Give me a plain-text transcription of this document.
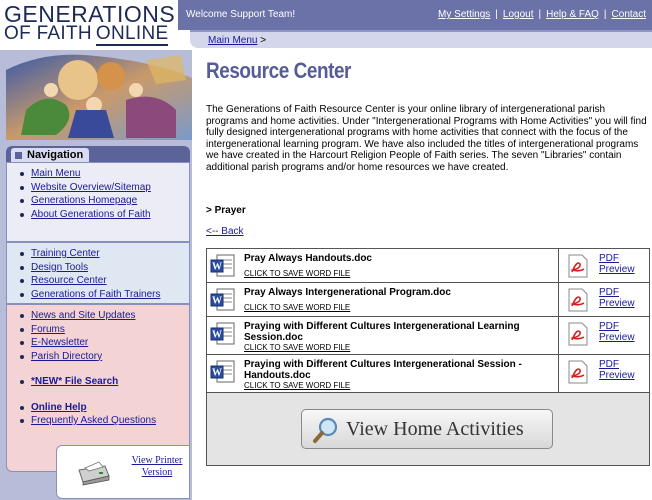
GENERATIONS
OF FAITH ONLINE
Welcome Support Team!	My Settings | Logout | Help & FAQ | Contact
Main Menu >
Navigation
Main Menu
Website Overview/Sitemap
Generations Homepage
About Generations of Faith
Training Center
Design Tools
Resource Center
Generations of Faith Trainers
News and Site Updates
Forums
E-Newsletter
Parish Directory
*NEW* File Search
Online Help
Frequently Asked Questions
View Printer Version
Resource Center
The Generations of Faith Resource Center is your online library of intergenerational parish programs and home activities. Under "Intergenerational Programs with Home Activities" you will find fully designed intergenerational programs with home activities that connect with the focus of the intergenerational learning program. We have also included the titles of intergenerational programs we have created in the Harcourt Religion People of Faith series. The seven "Libraries" contain additional parish programs and/or home resources we have created.
> Prayer
<-- Back
W
Pray Always Handouts.doc
CLICK TO SAVE WORD FILE
PDF
Preview
W
Pray Always Intergenerational Program.doc
CLICK TO SAVE WORD FILE
PDF
Preview
W
Praying with Different Cultures Intergenerational Learning Session.doc
CLICK TO SAVE WORD FILE
PDF
Preview
W
Praying with Different Cultures Intergenerational Session - Handouts.doc
CLICK TO SAVE WORD FILE
PDF
Preview
View Home Activities
